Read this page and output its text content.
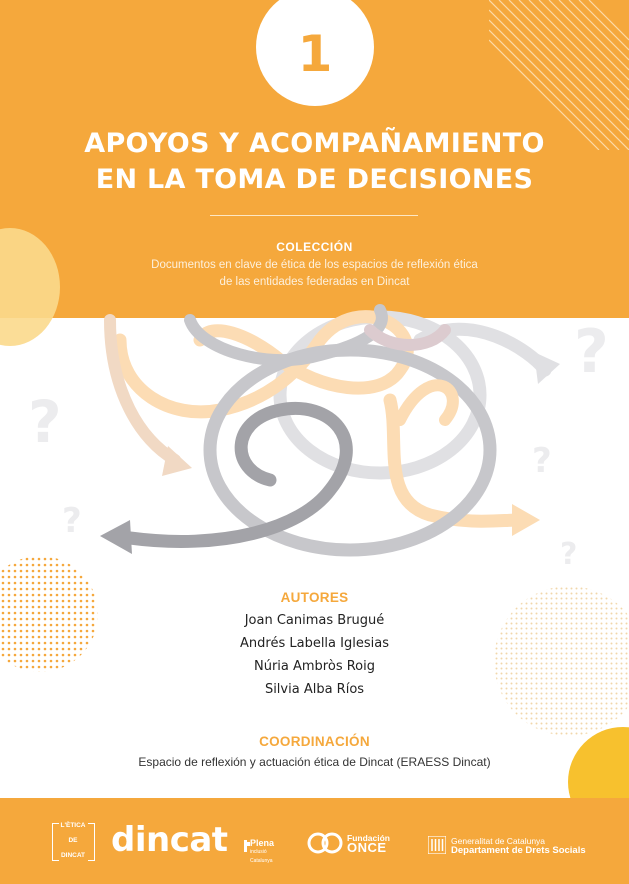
1
APOYOS Y ACOMPAÑAMIENTO
EN LA TOMA DE DECISIONES
COLECCIÓN
Documentos en clave de ética de los espacios de reflexión ética
de las entidades federadas en Dincat
?
?
?
?
?
AUTORES
Joan Canimas Brugué
Andrés Labella Iglesias
Núria Ambròs Roig
Silvia Alba Ríos
COORDINACIÓN
Espacio de reflexión y actuación ética de Dincat (ERAESS Dincat)
L'ÈTICA
DE
DINCAT dincat Plena
inclusió
Catalunya
Fundación
ONCE	Generalitat de Catalunya
Departament de Drets Socials
